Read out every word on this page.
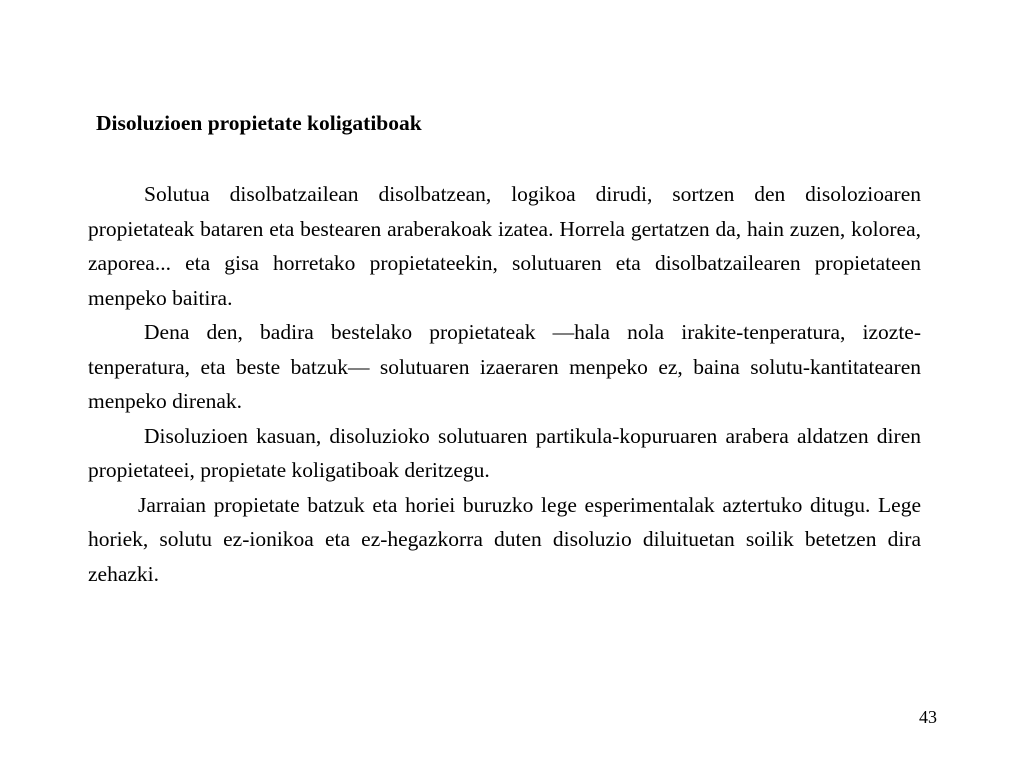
Disoluzioen propietate koligatiboak

Solutua disolbatzailean disolbatzean, logikoa dirudi, sortzen den disolozioaren propietateak bataren eta bestearen araberakoak izatea. Horrela gertatzen da, hain zuzen, kolorea, zaporea... eta gisa horretako propietateekin, solutuaren eta disolbatzailearen propietateen menpeko baitira.

Dena den, badira bestelako propietateak —hala nola irakite-tenperatura, izozte-tenperatura, eta beste batzuk— solutuaren izaeraren menpeko ez, baina solutu-kantitatearen menpeko direnak.

Disoluzioen kasuan, disoluzioko solutuaren partikula-kopuruaren arabera aldatzen diren propietateei, propietate koligatiboak deritzegu.

Jarraian propietate batzuk eta horiei buruzko lege esperimentalak aztertuko ditugu. Lege horiek, solutu ez-ionikoa eta ez-hegazkorra duten disoluzio diluituetan soilik betetzen dira zehazki.

43
